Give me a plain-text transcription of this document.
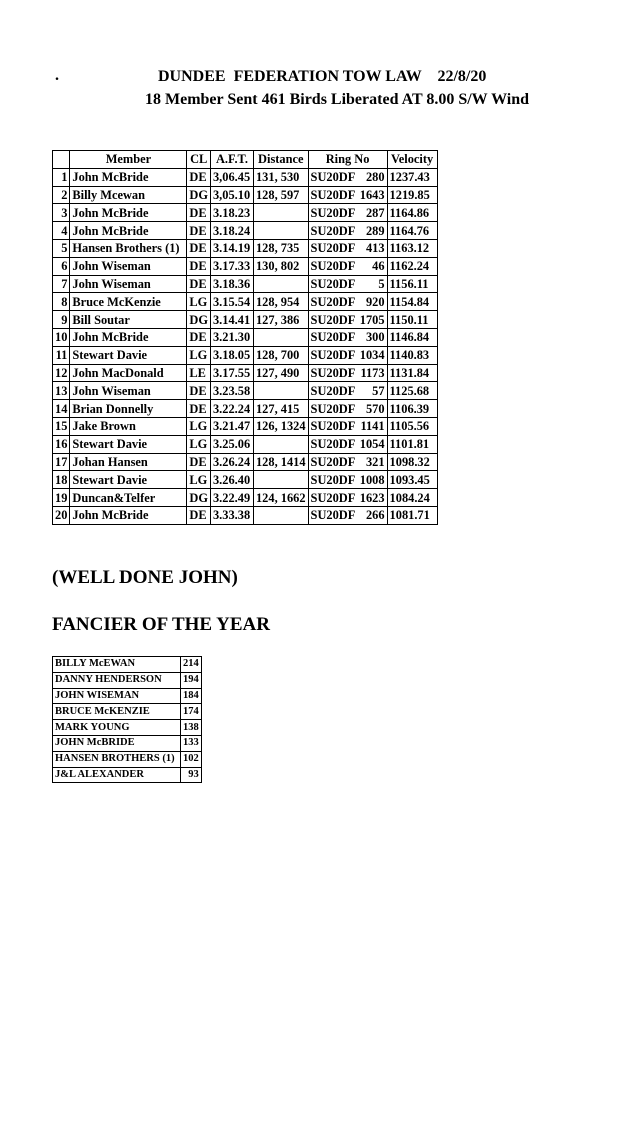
.	DUNDEE  FEDERATION TOW LAW    22/8/20
18 Member Sent 461 Birds Liberated AT 8.00 S/W Wind
	Member	CL	A.F.T.	Distance	Ring No	Velocity
1	John McBride	DE	3,06.45	131, 530	SU20DF 280	1237.43
2	Billy Mcewan	DG	3,05.10	128, 597	SU20DF 1643	1219.85
3	John McBride	DE	3.18.23		SU20DF 287	1164.86
4	John McBride	DE	3.18.24		SU20DF 289	1164.76
5	Hansen Brothers (1)	DE	3.14.19	128, 735	SU20DF 413	1163.12
6	John Wiseman	DE	3.17.33	130, 802	SU20DF 46	1162.24
7	John Wiseman	DE	3.18.36		SU20DF 5	1156.11
8	Bruce McKenzie	LG	3.15.54	128, 954	SU20DF 920	1154.84
9	Bill Soutar	DG	3.14.41	127, 386	SU20DF 1705	1150.11
10	John McBride	DE	3.21.30		SU20DF 300	1146.84
11	Stewart Davie	LG	3.18.05	128, 700	SU20DF 1034	1140.83
12	John MacDonald	LE	3.17.55	127, 490	SU20DF 1173	1131.84
13	John Wiseman	DE	3.23.58		SU20DF 57	1125.68
14	Brian Donnelly	DE	3.22.24	127, 415	SU20DF 570	1106.39
15	Jake Brown	LG	3.21.47	126, 1324	SU20DF 1141	1105.56
16	Stewart Davie	LG	3.25.06		SU20DF 1054	1101.81
17	Johan Hansen	DE	3.26.24	128, 1414	SU20DF 321	1098.32
18	Stewart Davie	LG	3.26.40		SU20DF 1008	1093.45
19	Duncan&Telfer	DG	3.22.49	124, 1662	SU20DF 1623	1084.24
20	John McBride	DE	3.33.38		SU20DF 266	1081.71
(WELL DONE JOHN)
FANCIER OF THE YEAR
BILLY McEWAN	214
DANNY HENDERSON	194
JOHN WISEMAN	184
BRUCE McKENZIE	174
MARK YOUNG	138
JOHN McBRIDE	133
HANSEN BROTHERS (1)	102
J&L ALEXANDER	93
